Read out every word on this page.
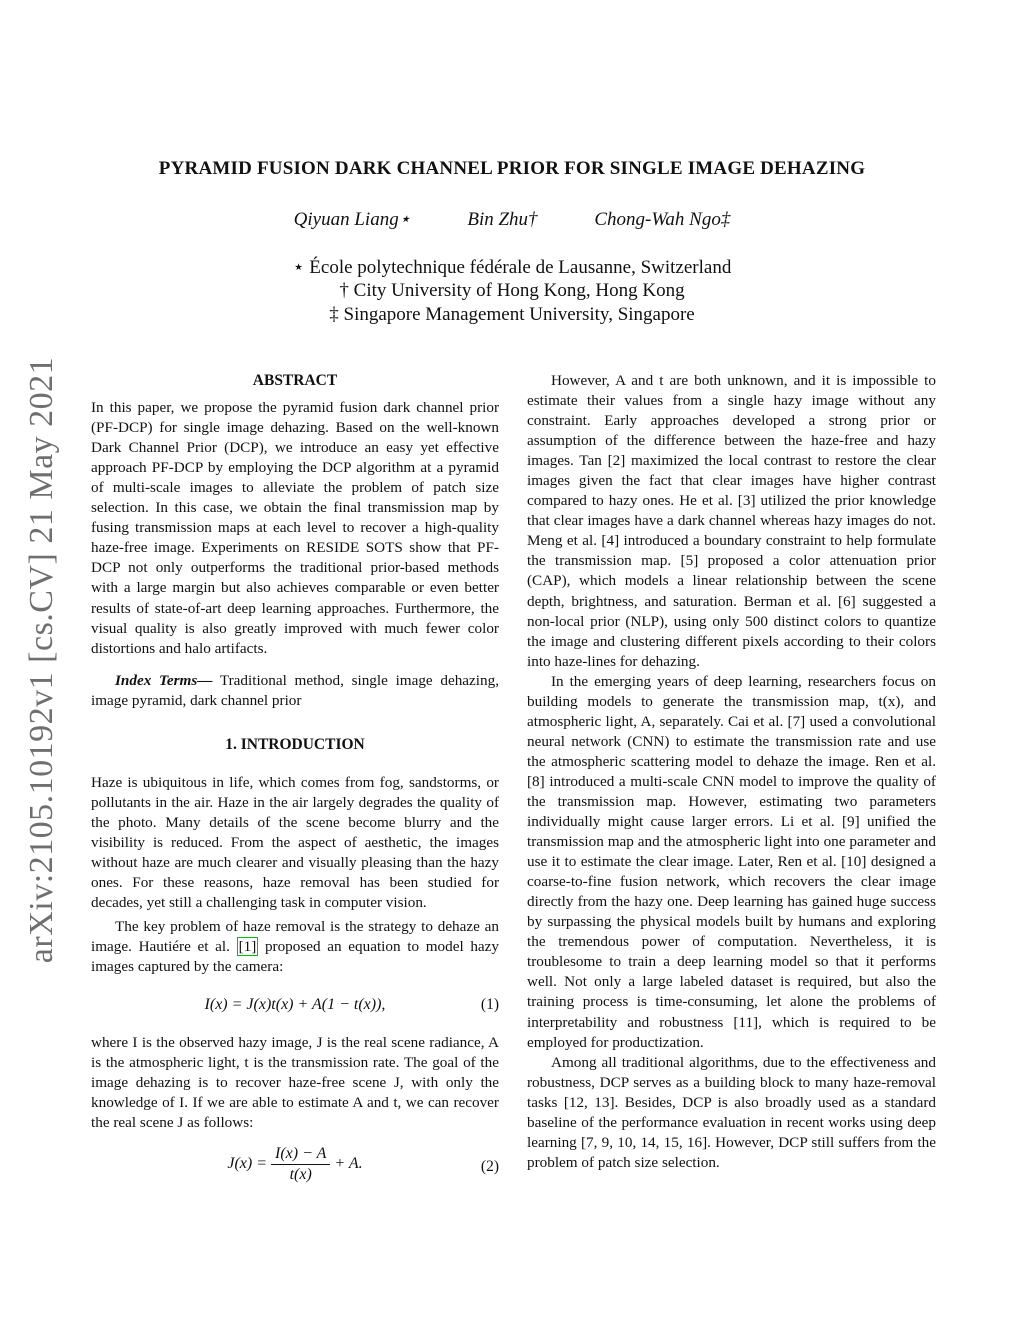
arXiv:2105.10192v1 [cs.CV] 21 May 2021
PYRAMID FUSION DARK CHANNEL PRIOR FOR SINGLE IMAGE DEHAZING
Qiyuan Liang⋆	Bin Zhu†	Chong-Wah Ngo‡
⋆ École polytechnique fédérale de Lausanne, Switzerland
† City University of Hong Kong, Hong Kong
‡ Singapore Management University, Singapore
ABSTRACT

In this paper, we propose the pyramid fusion dark channel prior (PF-DCP) for single image dehazing. Based on the well-known Dark Channel Prior (DCP), we introduce an easy yet effective approach PF-DCP by employing the DCP algorithm at a pyramid of multi-scale images to alleviate the problem of patch size selection. In this case, we obtain the final transmission map by fusing transmission maps at each level to recover a high-quality haze-free image. Experiments on RESIDE SOTS show that PF-DCP not only outperforms the traditional prior-based methods with a large margin but also achieves comparable or even better results of state-of-art deep learning approaches. Furthermore, the visual quality is also greatly improved with much fewer color distortions and halo artifacts.

Index Terms— Traditional method, single image dehazing, image pyramid, dark channel prior

1. INTRODUCTION

Haze is ubiquitous in life, which comes from fog, sandstorms, or pollutants in the air. Haze in the air largely degrades the quality of the photo. Many details of the scene become blurry and the visibility is reduced. From the aspect of aesthetic, the images without haze are much clearer and visually pleasing than the hazy ones. For these reasons, haze removal has been studied for decades, yet still a challenging task in computer vision.

The key problem of haze removal is the strategy to dehaze an image. Hautiére et al. [1] proposed an equation to model hazy images captured by the camera:

I(x) = J(x)t(x) + A(1 − t(x)),	(1)

where I is the observed hazy image, J is the real scene radiance, A is the atmospheric light, t is the transmission rate. The goal of the image dehazing is to recover haze-free scene J, with only the knowledge of I. If we are able to estimate A and t, we can recover the real scene J as follows:

$J(x) = \frac{I(x) - A}{t(x)} + A$.	(2)

However, A and t are both unknown, and it is impossible to estimate their values from a single hazy image without any constraint. Early approaches developed a strong prior or assumption of the difference between the haze-free and hazy images. Tan [2] maximized the local contrast to restore the clear images given the fact that clear images have higher contrast compared to hazy ones. He et al. [3] utilized the prior knowledge that clear images have a dark channel whereas hazy images do not. Meng et al. [4] introduced a boundary constraint to help formulate the transmission map. [5] proposed a color attenuation prior (CAP), which models a linear relationship between the scene depth, brightness, and saturation. Berman et al. [6] suggested a non-local prior (NLP), using only 500 distinct colors to quantize the image and clustering different pixels according to their colors into haze-lines for dehazing.

In the emerging years of deep learning, researchers focus on building models to generate the transmission map, t(x), and atmospheric light, A, separately. Cai et al. [7] used a convolutional neural network (CNN) to estimate the transmission rate and use the atmospheric scattering model to dehaze the image. Ren et al. [8] introduced a multi-scale CNN model to improve the quality of the transmission map. However, estimating two parameters individually might cause larger errors. Li et al. [9] unified the transmission map and the atmospheric light into one parameter and use it to estimate the clear image. Later, Ren et al. [10] designed a coarse-to-fine fusion network, which recovers the clear image directly from the hazy one. Deep learning has gained huge success by surpassing the physical models built by humans and exploring the tremendous power of computation. Nevertheless, it is troublesome to train a deep learning model so that it performs well. Not only a large labeled dataset is required, but also the training process is time-consuming, let alone the problems of interpretability and robustness [11], which is required to be employed for productization.

Among all traditional algorithms, due to the effectiveness and robustness, DCP serves as a building block to many haze-removal tasks [12, 13]. Besides, DCP is also broadly used as a standard baseline of the performance evaluation in recent works using deep learning [7, 9, 10, 14, 15, 16]. However, DCP still suffers from the problem of patch size selection.
